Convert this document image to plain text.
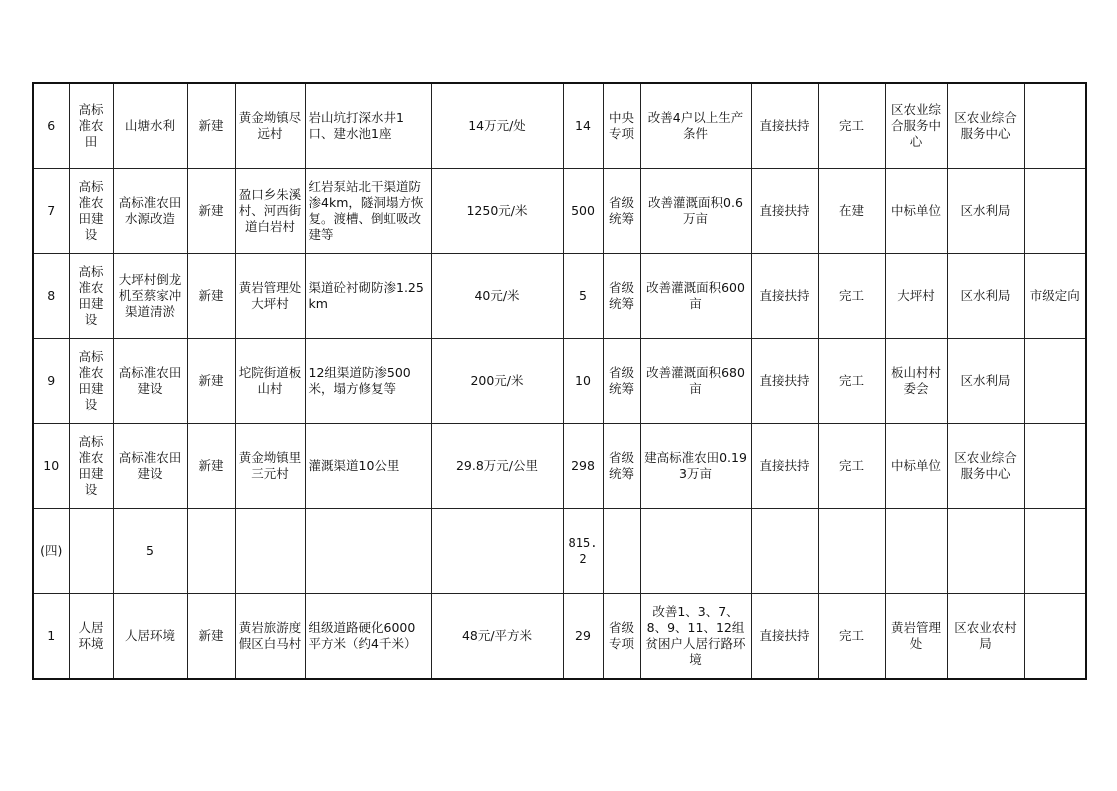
6	高标准农田	山塘水利	新建	黄金坳镇尽远村	岩山坑打深水井1口、建水池1座	14万元/处	14	中央专项	改善4户以上生产条件	直接扶持	完工	区农业综合服务中心	区农业综合服务中心	
7	高标准农田建设	高标准农田水源改造	新建	盈口乡朱溪村、河西街道白岩村	红岩泵站北干渠道防渗4km，隧洞塌方恢复。渡槽、倒虹吸改建等	1250元/米	500	省级统筹	改善灌溉面积0.6万亩	直接扶持	在建	中标单位	区水利局	
8	高标准农田建设	大坪村倒龙机至蔡家冲渠道清淤	新建	黄岩管理处大坪村	渠道砼衬砌防渗1.25km	40元/米	5	省级统筹	改善灌溉面积600亩	直接扶持	完工	大坪村	区水利局	市级定向
9	高标准农田建设	高标准农田建设	新建	坨院街道板山村	12组渠道防渗500米，塌方修复等	200元/米	10	省级统筹	改善灌溉面积680亩	直接扶持	完工	板山村村委会	区水利局	
10	高标准农田建设	高标准农田建设	新建	黄金坳镇里三元村	灌溉渠道10公里	29.8万元/公里	298	省级统筹	建高标准农田0.193万亩	直接扶持	完工	中标单位	区农业综合服务中心	
(四)		5					815.2							
1	人居环境	人居环境	新建	黄岩旅游度假区白马村	组级道路硬化6000平方米（约4千米）	48元/平方米	29	省级专项	改善1、3、7、8、9、11、12组贫困户人居行路环境	直接扶持	完工	黄岩管理处	区农业农村局	
